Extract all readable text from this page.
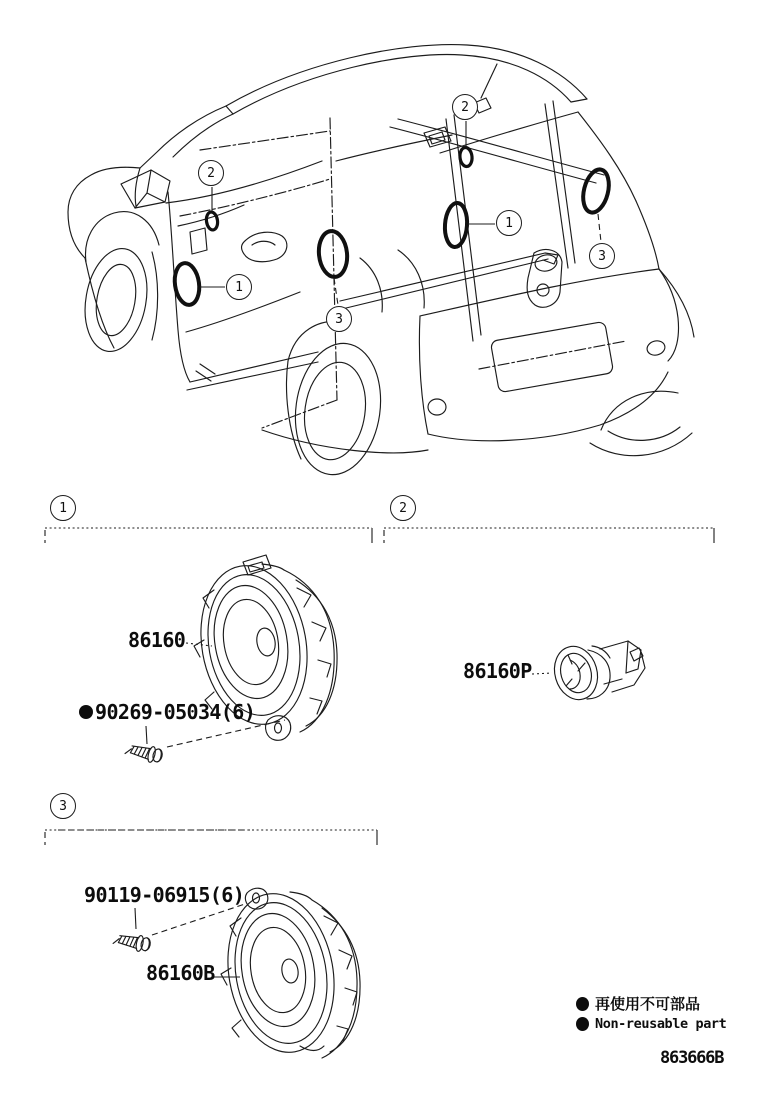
2
1
3
2
1
3
1	2
3
86160
90269-05034(6)
86160P
90119-06915(6)
86160B
再使用不可部品
Non-reusable part
863666B
